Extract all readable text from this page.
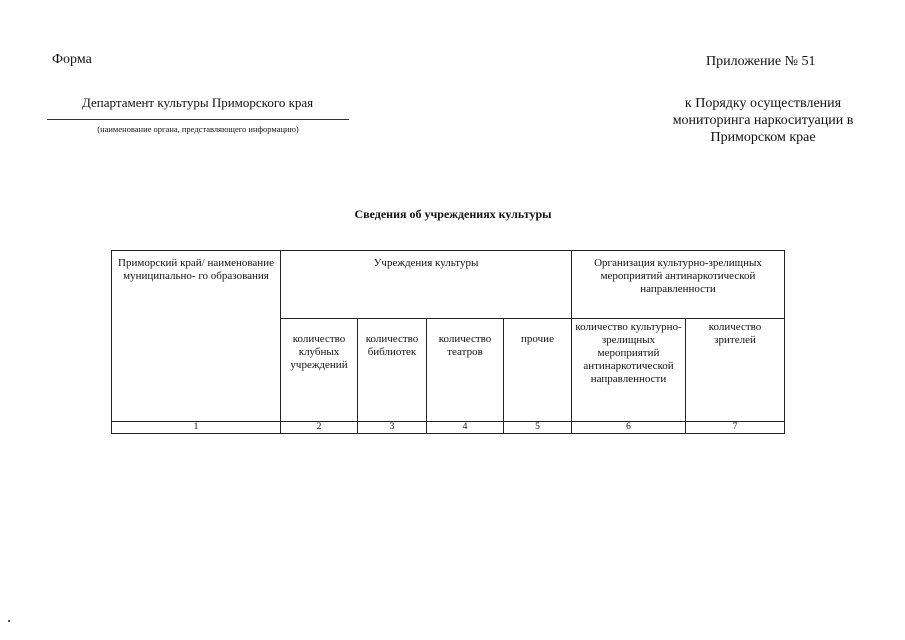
Форма	Приложение № 51
Департамент культуры Приморского края
(наименование органа, представляющего информацию)
к Порядку осуществления
мониторинга наркоситуации в
Приморском крае
Сведения об учреждениях культуры
Приморский край/ наименование муниципально- го образования	Учреждения культуры				Организация культурно-зрелищных мероприятий антинаркотической направленности	

	количество клубных учреждений	количество библиотек	количество театров	прочие	количество культурно- зрелищных мероприятий антинаркотической направленности	количество зрителей

1	2	3	4	5	6	7
